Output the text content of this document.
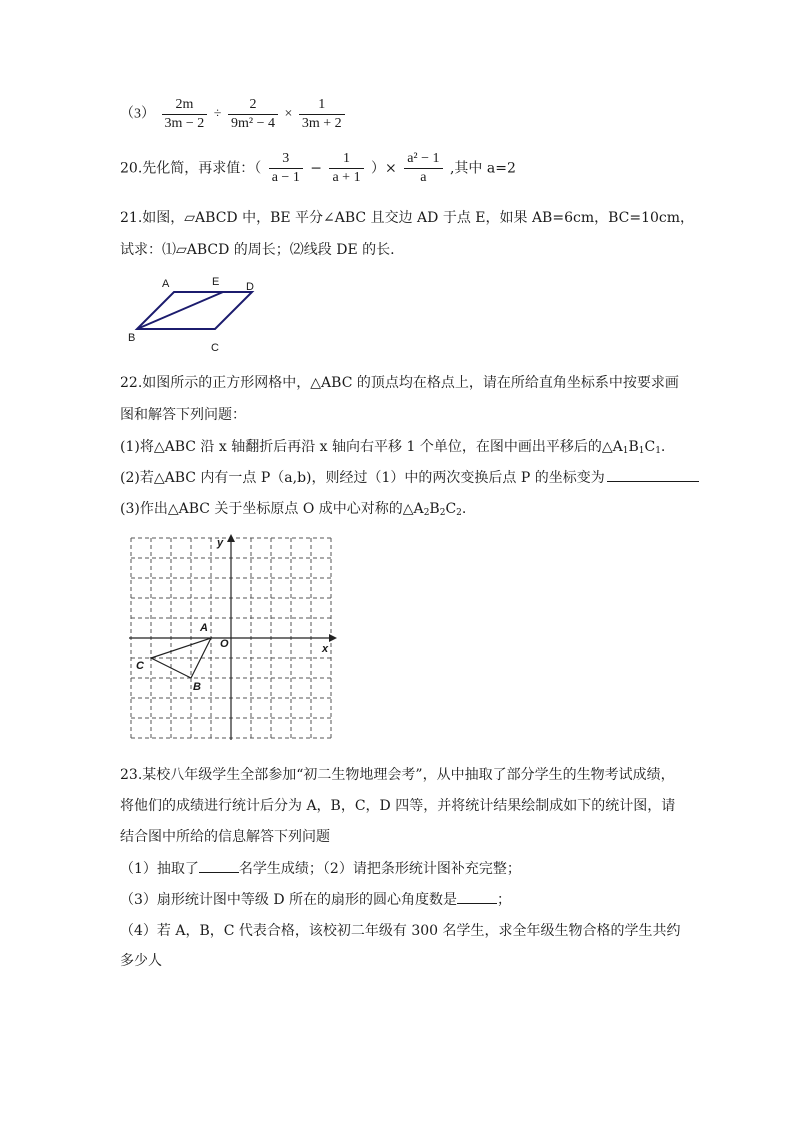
$(3) \frac{2m}{3m - 2} \div \frac{2}{\text{9m² − 4}} \times \frac{1}{3m + 2}$
20.先化简，再求值：（ $\frac{3}{a - 1} - \frac{1}{a + 1}$ ）× $\frac{\text{a² − 1}}{a}$ ,其中 a=2
21.如图，▱ABCD 中，BE 平分∠ABC 且交边 AD 于点 E，如果 AB=6cm，BC=10cm，
试求：⑴▱ABCD 的周长；⑵线段 DE 的长.
A	E D
B
C
22.如图所示的正方形网格中，△ABC 的顶点均在格点上，请在所给直角坐标系中按要求画
图和解答下列问题：
(1)将△ABC 沿 x 轴翻折后再沿 x 轴向右平移 1 个单位，在图中画出平移后的$\triangle A_1B_1C_1$.
(2)若△ABC 内有一点 P（a,b)，则经过（1）中的两次变换后点 P 的坐标变为
(3)作出△ABC 关于坐标原点 O 成中心对称的$\triangle A_2B_2C_2$.
y
x
O
A
B
C
23.某校八年级学生全部参加“初二生物地理会考”，从中抽取了部分学生的生物考试成绩，
将他们的成绩进行统计后分为 A，B，C，D 四等，并将统计结果绘制成如下的统计图，请
结合图中所给的信息解答下列问题
（1）抽取了	名学生成绩；（2）请把条形统计图补充完整；
（3）扇形统计图中等级 D 所在的扇形的圆心角度数是	；
（4）若 A，B，C 代表合格，该校初二年级有 300 名学生，求全年级生物合格的学生共约
多少人
